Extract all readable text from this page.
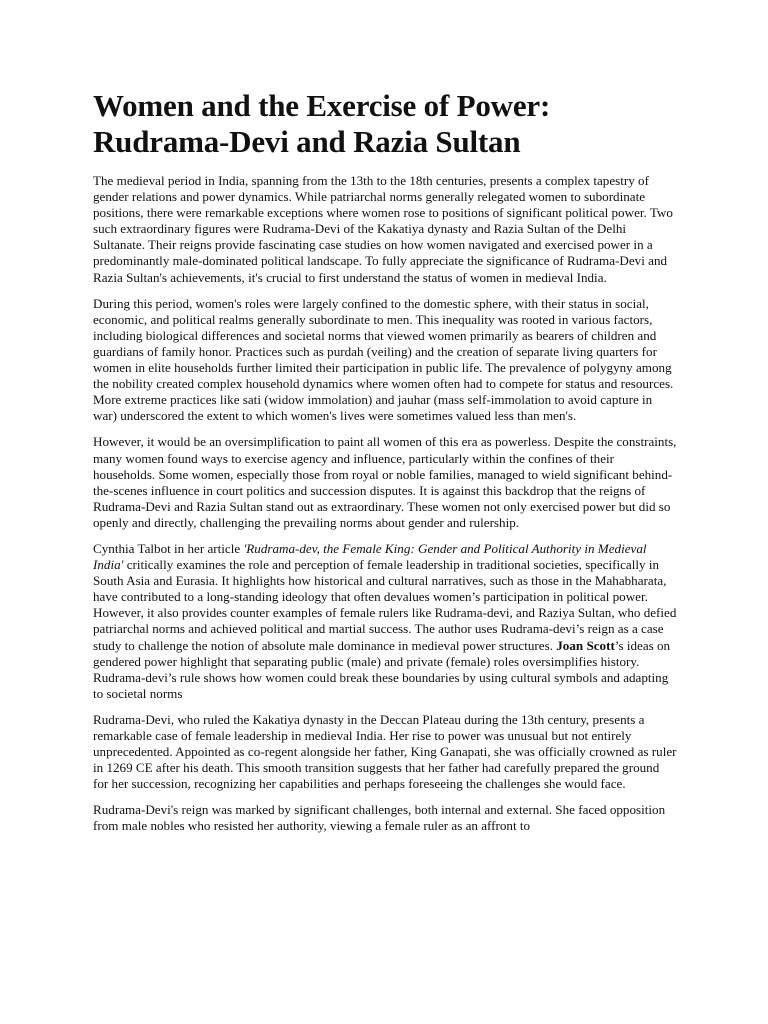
Women and the Exercise of Power:
Rudrama-Devi and Razia Sultan

The medieval period in India, spanning from the 13th to the 18th centuries, presents a complex tapestry of gender relations and power dynamics. While patriarchal norms generally relegated women to subordinate positions, there were remarkable exceptions where women rose to positions of significant political power. Two such extraordinary figures were Rudrama-Devi of the Kakatiya dynasty and Razia Sultan of the Delhi Sultanate. Their reigns provide fascinating case studies on how women navigated and exercised power in a predominantly male-dominated political landscape. To fully appreciate the significance of Rudrama-Devi and Razia Sultan's achievements, it's crucial to first understand the status of women in medieval India.

During this period, women's roles were largely confined to the domestic sphere, with their status in social, economic, and political realms generally subordinate to men. This inequality was rooted in various factors, including biological differences and societal norms that viewed women primarily as bearers of children and guardians of family honor. Practices such as purdah (veiling) and the creation of separate living quarters for women in elite households further limited their participation in public life. The prevalence of polygyny among the nobility created complex household dynamics where women often had to compete for status and resources. More extreme practices like sati (widow immolation) and jauhar (mass self-immolation to avoid capture in war) underscored the extent to which women's lives were sometimes valued less than men's.

However, it would be an oversimplification to paint all women of this era as powerless. Despite the constraints, many women found ways to exercise agency and influence, particularly within the confines of their households. Some women, especially those from royal or noble families, managed to wield significant behind-the-scenes influence in court politics and succession disputes. It is against this backdrop that the reigns of Rudrama-Devi and Razia Sultan stand out as extraordinary. These women not only exercised power but did so openly and directly, challenging the prevailing norms about gender and rulership.

Cynthia Talbot in her article 'Rudrama-dev, the Female King: Gender and Political Authority in Medieval India' critically examines the role and perception of female leadership in traditional societies, specifically in South Asia and Eurasia. It highlights how historical and cultural narratives, such as those in the Mahabharata, have contributed to a long-standing ideology that often devalues women’s participation in political power. However, it also provides counter examples of female rulers like Rudrama-devi, and Raziya Sultan, who defied patriarchal norms and achieved political and martial success. The author uses Rudrama-devi’s reign as a case study to challenge the notion of absolute male dominance in medieval power structures. Joan Scott’s ideas on gendered power highlight that separating public (male) and private (female) roles oversimplifies history. Rudrama-devi’s rule shows how women could break these boundaries by using cultural symbols and adapting to societal norms

Rudrama-Devi, who ruled the Kakatiya dynasty in the Deccan Plateau during the 13th century, presents a remarkable case of female leadership in medieval India. Her rise to power was unusual but not entirely unprecedented. Appointed as co-regent alongside her father, King Ganapati, she was officially crowned as ruler in 1269 CE after his death. This smooth transition suggests that her father had carefully prepared the ground for her succession, recognizing her capabilities and perhaps foreseeing the challenges she would face.

Rudrama-Devi's reign was marked by significant challenges, both internal and external. She faced opposition from male nobles who resisted her authority, viewing a female ruler as an affront to
